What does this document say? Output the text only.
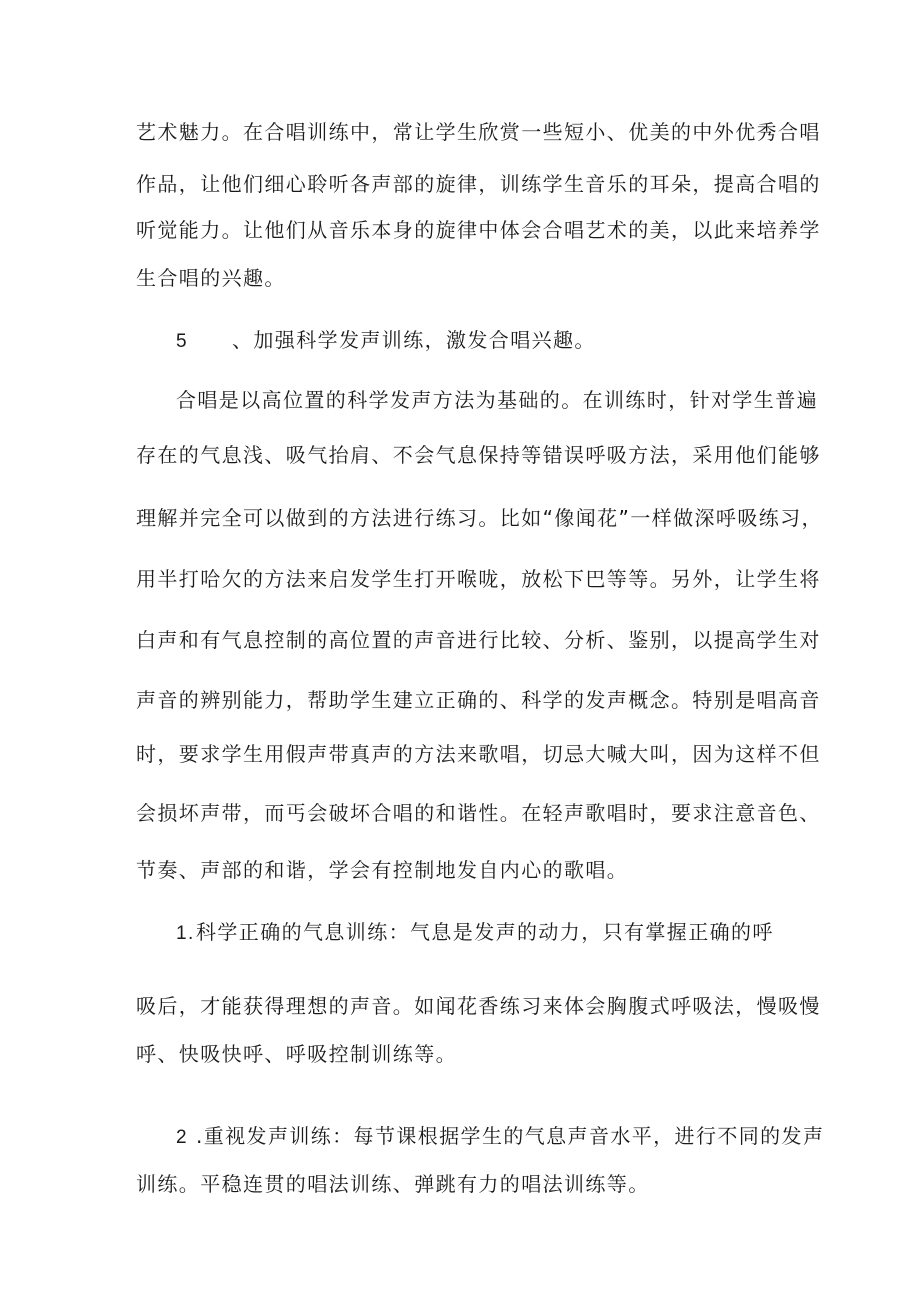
艺术魅力。在合唱训练中，常让学生欣赏一些短小、优美的中外优秀合唱
作品，让他们细心聆听各声部的旋律，训练学生音乐的耳朵，提高合唱的
听觉能力。让他们从音乐本身的旋律中体会合唱艺术的美，以此来培养学
生合唱的兴趣。
5 、加强科学发声训练，激发合唱兴趣。
合唱是以高位置的科学发声方法为基础的。在训练时，针对学生普遍
存在的气息浅、吸气抬肩、不会气息保持等错误呼吸方法，采用他们能够
理解并完全可以做到的方法进行练习。比如“像闻花”一样做深呼吸练习，
用半打哈欠的方法来启发学生打开喉咙，放松下巴等等。另外，让学生将
白声和有气息控制的高位置的声音进行比较、分析、鉴别，以提高学生对
声音的辨别能力，帮助学生建立正确的、科学的发声概念。特别是唱高音
时，要求学生用假声带真声的方法来歌唱，切忌大喊大叫，因为这样不但
会损坏声带，而丐会破坏合唱的和谐性。在轻声歌唱时，要求注意音色、
节奏、声部的和谐，学会有控制地发自内心的歌唱。
1.科学正确的气息训练：气息是发声的动力，只有掌握正确的呼
吸后，才能获得理想的声音。如闻花香练习来体会胸腹式呼吸法，慢吸慢
呼、快吸快呼、呼吸控制训练等。
2 .重视发声训练：每节课根据学生的气息声音水平，进行不同的发声
训练。平稳连贯的唱法训练、弹跳有力的唱法训练等。
